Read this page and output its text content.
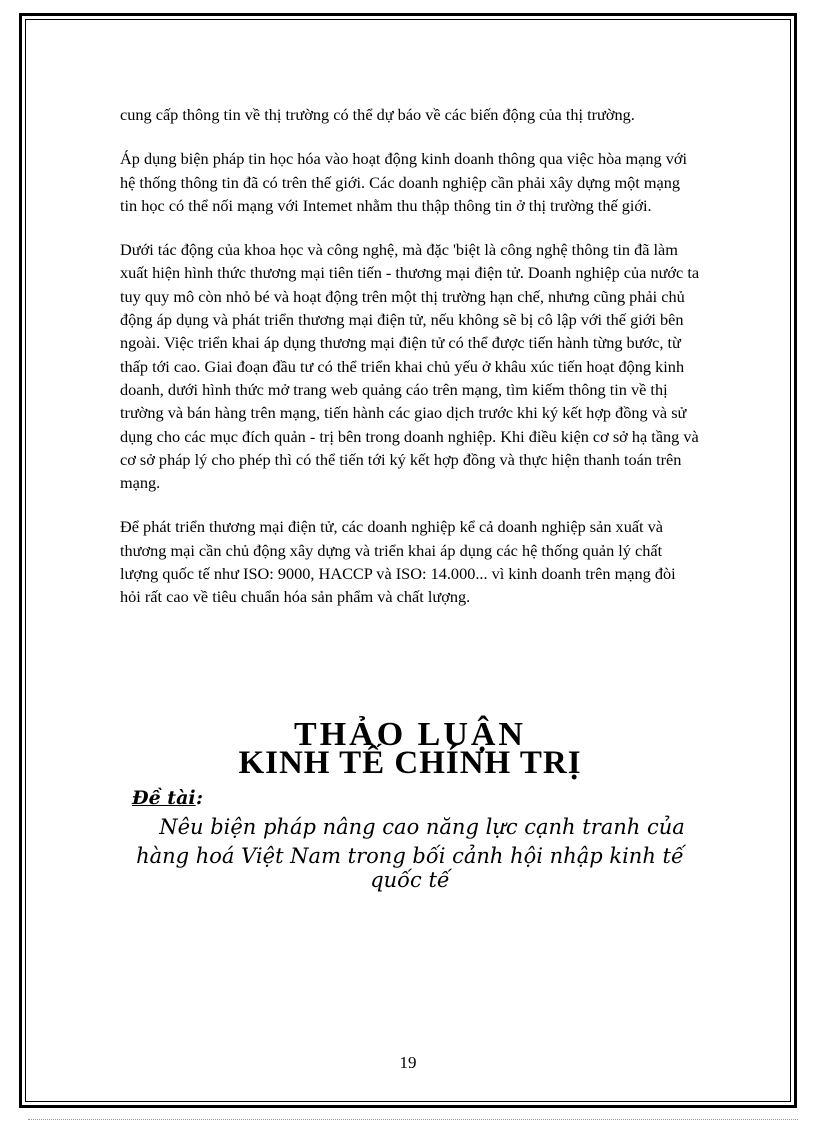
cung cấp thông tin về thị trường có thể dự báo về các biến động của thị trường.

Áp dụng biện pháp tin học hóa vào hoạt động kinh doanh thông qua việc hòa mạng với hệ thống thông tin đã có trên thế giới. Các doanh nghiệp cần phải xây dựng một mạng tin học có thể nối mạng với Intemet nhằm thu thập thông tin ở thị trường thế giới.

Dưới tác động của khoa học và công nghệ, mà đặc 'biệt là công nghệ thông tin đã làm xuất hiện hình thức thương mại tiên tiến - thương mại điện tử. Doanh nghiệp của nước ta tuy quy mô còn nhỏ bé và hoạt động trên một thị trường hạn chế, nhưng cũng phải chủ động áp dụng và phát triển thương mại điện tử, nếu không sẽ bị cô lập với thế giới bên ngoài. Việc triển khai áp dụng thương mại điện tử có thể được tiến hành từng bước, từ thấp tới cao. Giai đoạn đầu tư có thể triển khai chủ yếu ở khâu xúc tiến hoạt động kinh doanh, dưới hình thức mở trang web quảng cáo trên mạng, tìm kiếm thông tin về thị trường và bán hàng trên mạng, tiến hành các giao dịch trước khi ký kết hợp đồng và sử dụng cho các mục đích quản - trị bên trong doanh nghiệp. Khi điều kiện cơ sở hạ tầng và cơ sở pháp lý cho phép thì có thể tiến tới ký kết hợp đồng và thực hiện thanh toán trên mạng.

Để phát triển thương mại điện tử, các doanh nghiệp kể cả doanh nghiệp sản xuất và thương mại cần chủ động xây dựng và triển khai áp dụng các hệ thống quản lý chất lượng quốc tế như ISO: 9000, HACCP và ISO: 14.000... vì kinh doanh trên mạng đòi hỏi rất cao về tiêu chuẩn hóa sản phẩm và chất lượng.

THẢO LUẬN
KINH TẾ CHÍNH TRỊ
Đề tài :
Nêu biện pháp nâng cao năng lực cạnh tranh của
hàng hoá Việt Nam trong bối cảnh hội nhập kinh tế quốc tế
19
